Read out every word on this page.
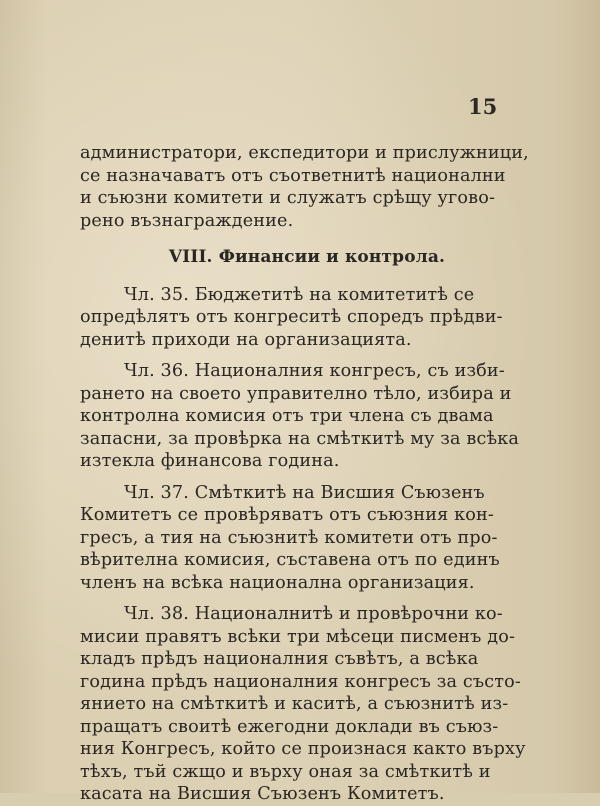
15
администратори, експедитори и прислужници,
се назначаватъ отъ съответнитѣ национални
и съюзни комитети и служатъ срѣщу угово-
рено възнаграждение.
VIII. Финансии и контрола.
Чл. 35. Бюджетитѣ на комитетитѣ се
опредѣлятъ отъ конгреситѣ споредъ прѣдви-
денитѣ приходи на организацията.
Чл. 36. Националния конгресъ, съ изби-
рането на своето управително тѣло, избира и
контролна комисия отъ три члена съ двама
запасни, за провѣрка на смѣткитѣ му за всѣка
изтекла финансова година.
Чл. 37. Смѣткитѣ на Висшия Съюзенъ
Комитетъ се провѣряватъ отъ съюзния кон-
гресъ, а тия на съюзнитѣ комитети отъ про-
вѣрителна комисия, съставена отъ по единъ
членъ на всѣка национална организация.
Чл. 38. Националнитѣ и провѣрочни ко-
мисии правятъ всѣки три мѣсеци писменъ до-
кладъ прѣдъ националния съвѣтъ, а всѣка
година прѣдъ националния конгресъ за състо-
янието на смѣткитѣ и каситѣ, а съюзнитѣ из-
пращатъ своитѣ ежегодни доклади въ съюз-
ния Конгресъ, който се произнася както върху
тѣхъ, тъй сжщо и върху оная за смѣткитѣ и
касата на Висшия Съюзенъ Комитетъ.
